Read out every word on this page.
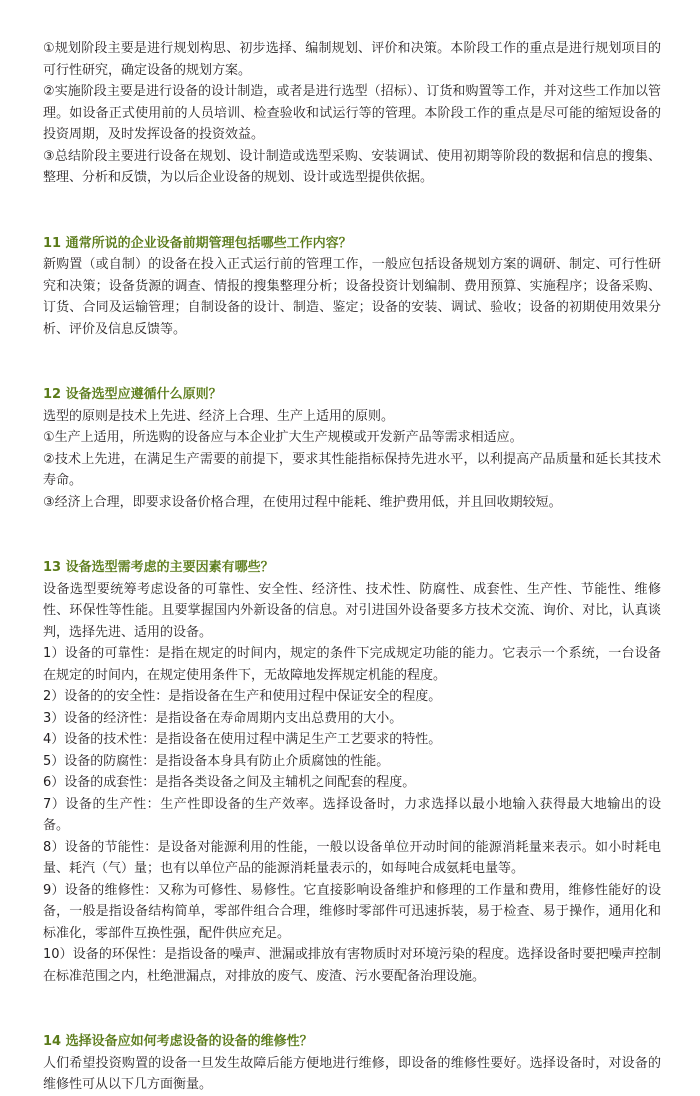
①规划阶段主要是进行规划构思、初步选择、编制规划、评价和决策。本阶段工作的重点是进行规划项目的可行性研究，确定设备的规划方案。

②实施阶段主要是进行设备的设计制造，或者是进行选型（招标）、订货和购置等工作，并对这些工作加以管理。如设备正式使用前的人员培训、检查验收和试运行等的管理。本阶段工作的重点是尽可能的缩短设备的投资周期，及时发挥设备的投资效益。

③总结阶段主要进行设备在规划、设计制造或选型采购、安装调试、使用初期等阶段的数据和信息的搜集、整理、分析和反馈，为以后企业设备的规划、设计或选型提供依据。

11 通常所说的企业设备前期管理包括哪些工作内容？

新购置（或自制）的设备在投入正式运行前的管理工作，一般应包括设备规划方案的调研、制定、可行性研究和决策；设备货源的调查、情报的搜集整理分析；设备投资计划编制、费用预算、实施程序；设备采购、订货、合同及运输管理；自制设备的设计、制造、鉴定；设备的安装、调试、验收；设备的初期使用效果分析、评价及信息反馈等。

12 设备选型应遵循什么原则？

选型的原则是技术上先进、经济上合理、生产上适用的原则。

①生产上适用，所选购的设备应与本企业扩大生产规模或开发新产品等需求相适应。

②技术上先进，在满足生产需要的前提下，要求其性能指标保持先进水平，以利提高产品质量和延长其技术寿命。

③经济上合理，即要求设备价格合理，在使用过程中能耗、维护费用低，并且回收期较短。

13 设备选型需考虑的主要因素有哪些？

设备选型要统筹考虑设备的可靠性、安全性、经济性、技术性、防腐性、成套性、生产性、节能性、维修性、环保性等性能。且要掌握国内外新设备的信息。对引进国外设备要多方技术交流、询价、对比，认真谈判，选择先进、适用的设备。

1）设备的可靠性：是指在规定的时间内，规定的条件下完成规定功能的能力。它表示一个系统，一台设备在规定的时间内，在规定使用条件下，无故障地发挥规定机能的程度。

2）设备的的安全性：是指设备在生产和使用过程中保证安全的程度。

3）设备的经济性：是指设备在寿命周期内支出总费用的大小。

4）设备的技术性：是指设备在使用过程中满足生产工艺要求的特性。

5）设备的防腐性：是指设备本身具有防止介质腐蚀的性能。

6）设备的成套性：是指各类设备之间及主辅机之间配套的程度。

7）设备的生产性：生产性即设备的生产效率。选择设备时，力求选择以最小地输入获得最大地输出的设备。

8）设备的节能性：是设备对能源利用的性能，一般以设备单位开动时间的能源消耗量来表示。如小时耗电量、耗汽（气）量；也有以单位产品的能源消耗量表示的，如每吨合成氨耗电量等。

9）设备的维修性：又称为可修性、易修性。它直接影响设备维护和修理的工作量和费用，维修性能好的设备，一般是指设备结构简单，零部件组合合理，维修时零部件可迅速拆装，易于检查、易于操作，通用化和标准化，零部件互换性强，配件供应充足。

10）设备的环保性：是指设备的噪声、泄漏或排放有害物质时对环境污染的程度。选择设备时要把噪声控制在标准范围之内，杜绝泄漏点，对排放的废气、废渣、污水要配备治理设施。

14 选择设备应如何考虑设备的设备的维修性？

人们希望投资购置的设备一旦发生故障后能方便地进行维修，即设备的维修性要好。选择设备时，对设备的维修性可从以下几方面衡量。
